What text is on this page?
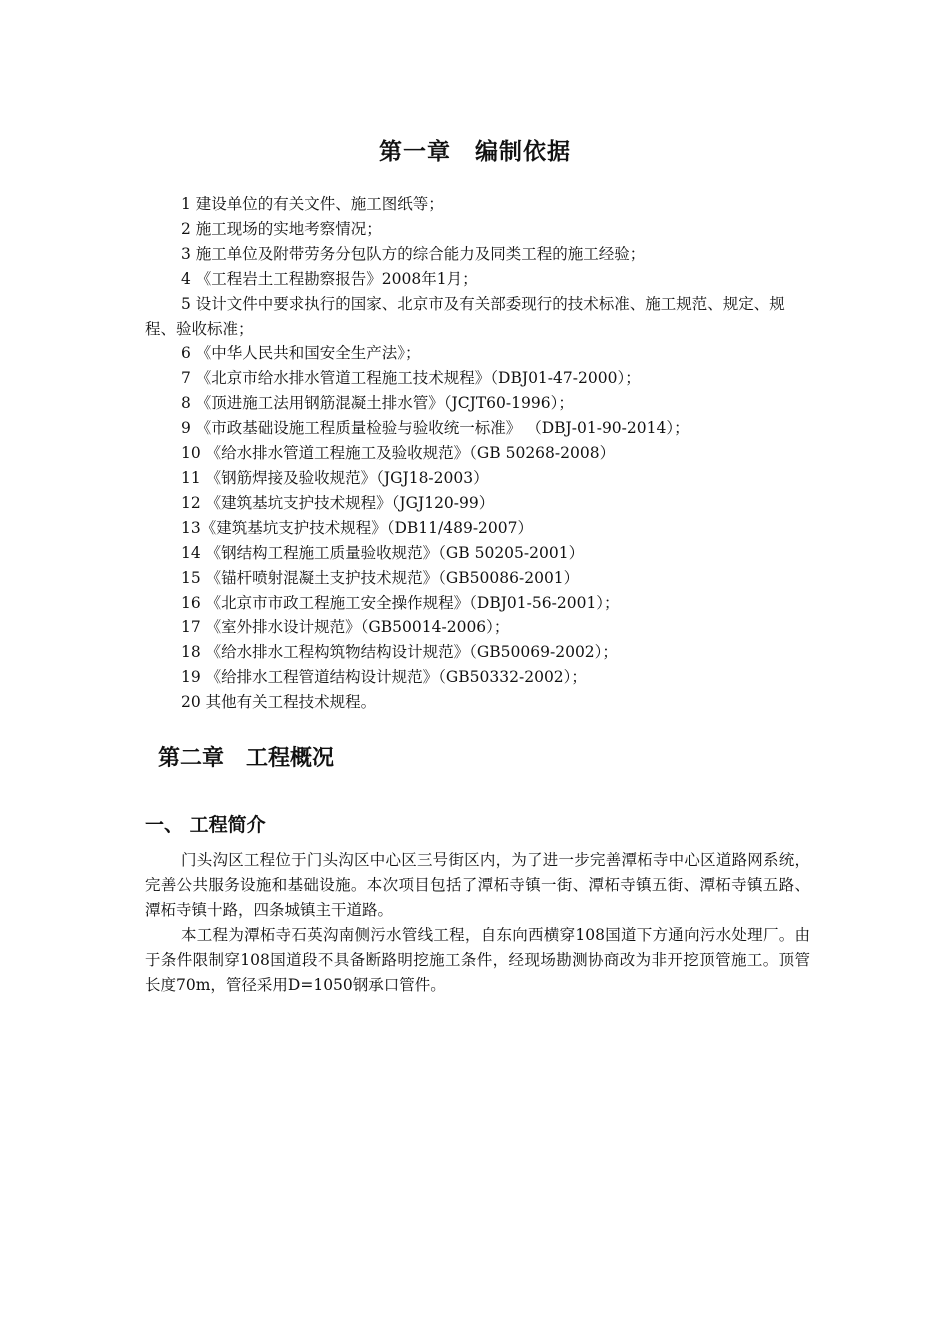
第一章　编制依据
1 建设单位的有关文件、施工图纸等；
2 施工现场的实地考察情况；
3 施工单位及附带劳务分包队方的综合能力及同类工程的施工经验；
4 《工程岩土工程勘察报告》2008年1月；
5 设计文件中要求执行的国家、北京市及有关部委现行的技术标准、施工规范、规定、规程、验收标准；
6 《中华人民共和国安全生产法》；
7 《北京市给水排水管道工程施工技术规程》（DBJ01-47-2000）；
8 《顶进施工法用钢筋混凝土排水管》（JCJT60-1996）；
9 《市政基础设施工程质量检验与验收统一标准》 （DBJ-01-90-2014）；
10 《给水排水管道工程施工及验收规范》（GB 50268-2008）
11 《钢筋焊接及验收规范》（JGJ18-2003）
12 《建筑基坑支护技术规程》（JGJ120-99）
13《建筑基坑支护技术规程》（DB11/489-2007）
14 《钢结构工程施工质量验收规范》（GB 50205-2001）
15 《锚杆喷射混凝土支护技术规范》（GB50086-2001）
16 《北京市市政工程施工安全操作规程》（DBJ01-56-2001）；
17 《室外排水设计规范》（GB50014-2006）；
18 《给水排水工程构筑物结构设计规范》（GB50069-2002）；
19 《给排水工程管道结构设计规范》（GB50332-2002）；
20 其他有关工程技术规程。
第二章　工程概况
一、 工程简介

门头沟区工程位于门头沟区中心区三号街区内，为了进一步完善潭柘寺中心区道路网系统，完善公共服务设施和基础设施。本次项目包括了潭柘寺镇一街、潭柘寺镇五街、潭柘寺镇五路、潭柘寺镇十路，四条城镇主干道路。

本工程为潭柘寺石英沟南侧污水管线工程，自东向西横穿108国道下方通向污水处理厂。由于条件限制穿108国道段不具备断路明挖施工条件，经现场勘测协商改为非开挖顶管施工。顶管长度70m，管径采用D=1050钢承口管件。
